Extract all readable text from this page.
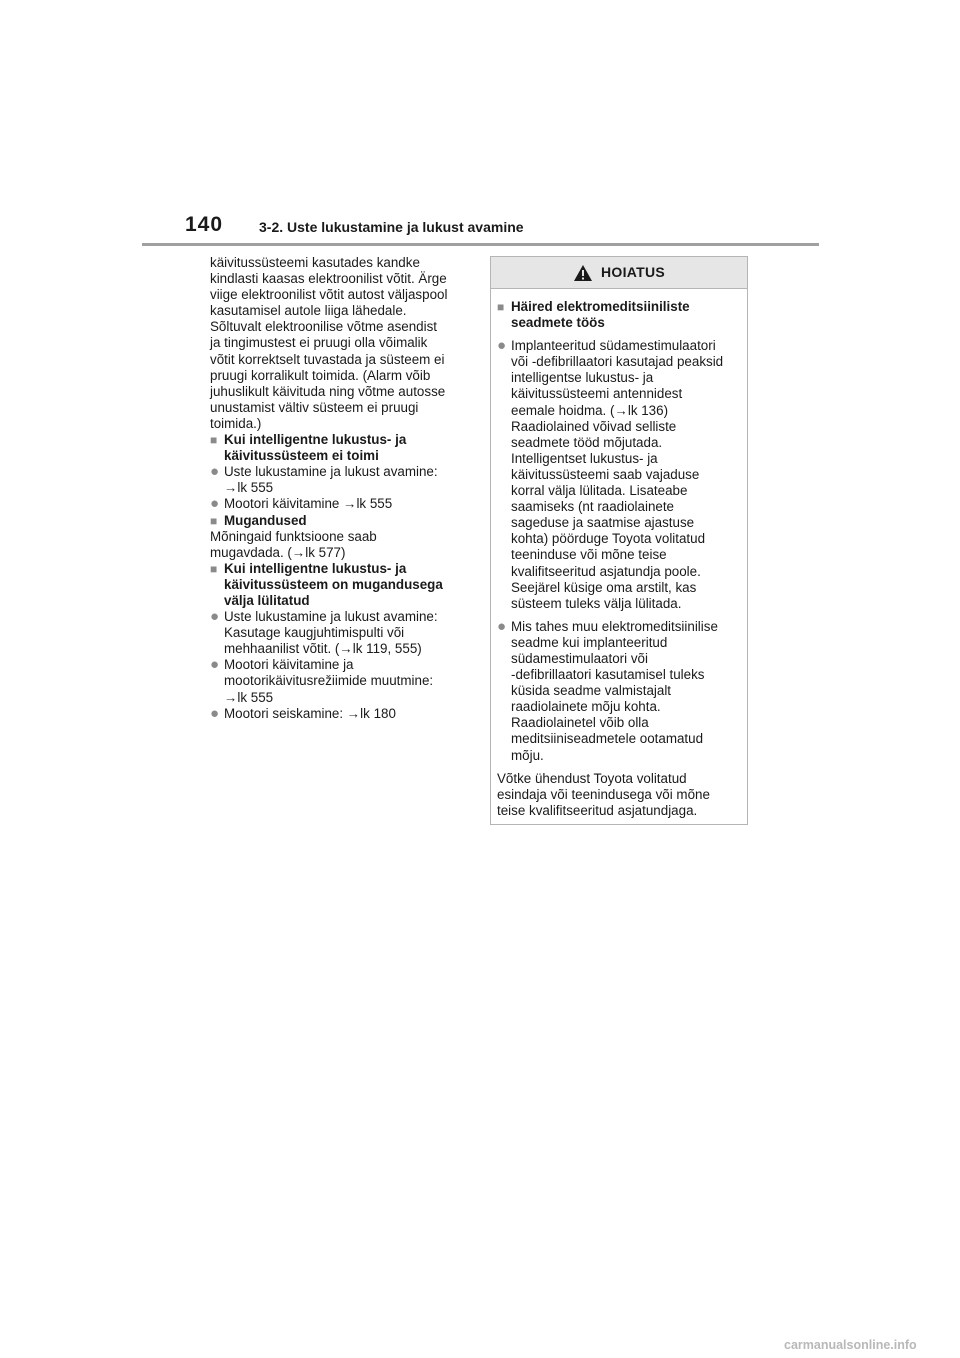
140	3-2. Uste lukustamine ja lukust avamine

käivitussüsteemi kasutades kandke
kindlasti kaasas elektroonilist võtit. Ärge
viige elektroonilist võtit autost väljaspool
kasutamisel autole liiga lähedale.
Sõltuvalt elektroonilise võtme asendist
ja tingimustest ei pruugi olla võimalik
võtit korrektselt tuvastada ja süsteem ei
pruugi korralikult toimida. (Alarm võib
juhuslikult käivituda ning võtme autosse
unustamist vältiv süsteem ei pruugi
toimida.)

■ Kui intelligentne lukustus- ja
käivitussüsteem ei toimi

● Uste lukustamine ja lukust avamine:
→lk 555

● Mootori käivitamine →lk 555

■ Mugandused

Mõningaid funktsioone saab
mugavdada. (→lk 577)

■ Kui intelligentne lukustus- ja
käivitussüsteem on mugandusega
välja lülitatud

● Uste lukustamine ja lukust avamine:
Kasutage kaugjuhtimispulti või
mehhaanilist võtit. (→lk 119, 555)

● Mootori käivitamine ja
mootorikäivitusrežiimide muutmine:
→lk 555

● Mootori seiskamine: →lk 180

HOIATUS

■ Häired elektromeditsiiniliste
seadmete töös

● Implanteeritud südamestimulaatori
või -defibrillaatori kasutajad peaksid
intelligentse lukustus- ja
käivitussüsteemi antennidest
eemale hoidma. (→lk 136)
Raadiolained võivad selliste
seadmete tööd mõjutada.
Intelligentset lukustus- ja
käivitussüsteemi saab vajaduse
korral välja lülitada. Lisateabe
saamiseks (nt raadiolainete
sageduse ja saatmise ajastuse
kohta) pöörduge Toyota volitatud
teeninduse või mõne teise
kvalifitseeritud asjatundja poole.
Seejärel küsige oma arstilt, kas
süsteem tuleks välja lülitada.

● Mis tahes muu elektromeditsiinilise
seadme kui implanteeritud
südamestimulaatori või
-defibrillaatori kasutamisel tuleks
küsida seadme valmistajalt
raadiolainete mõju kohta.
Raadiolainetel võib olla
meditsiiniseadmetele ootamatud
mõju.

Võtke ühendust Toyota volitatud
esindaja või teenindusega või mõne
teise kvalifitseeritud asjatundjaga.

carmanualsonline.info
